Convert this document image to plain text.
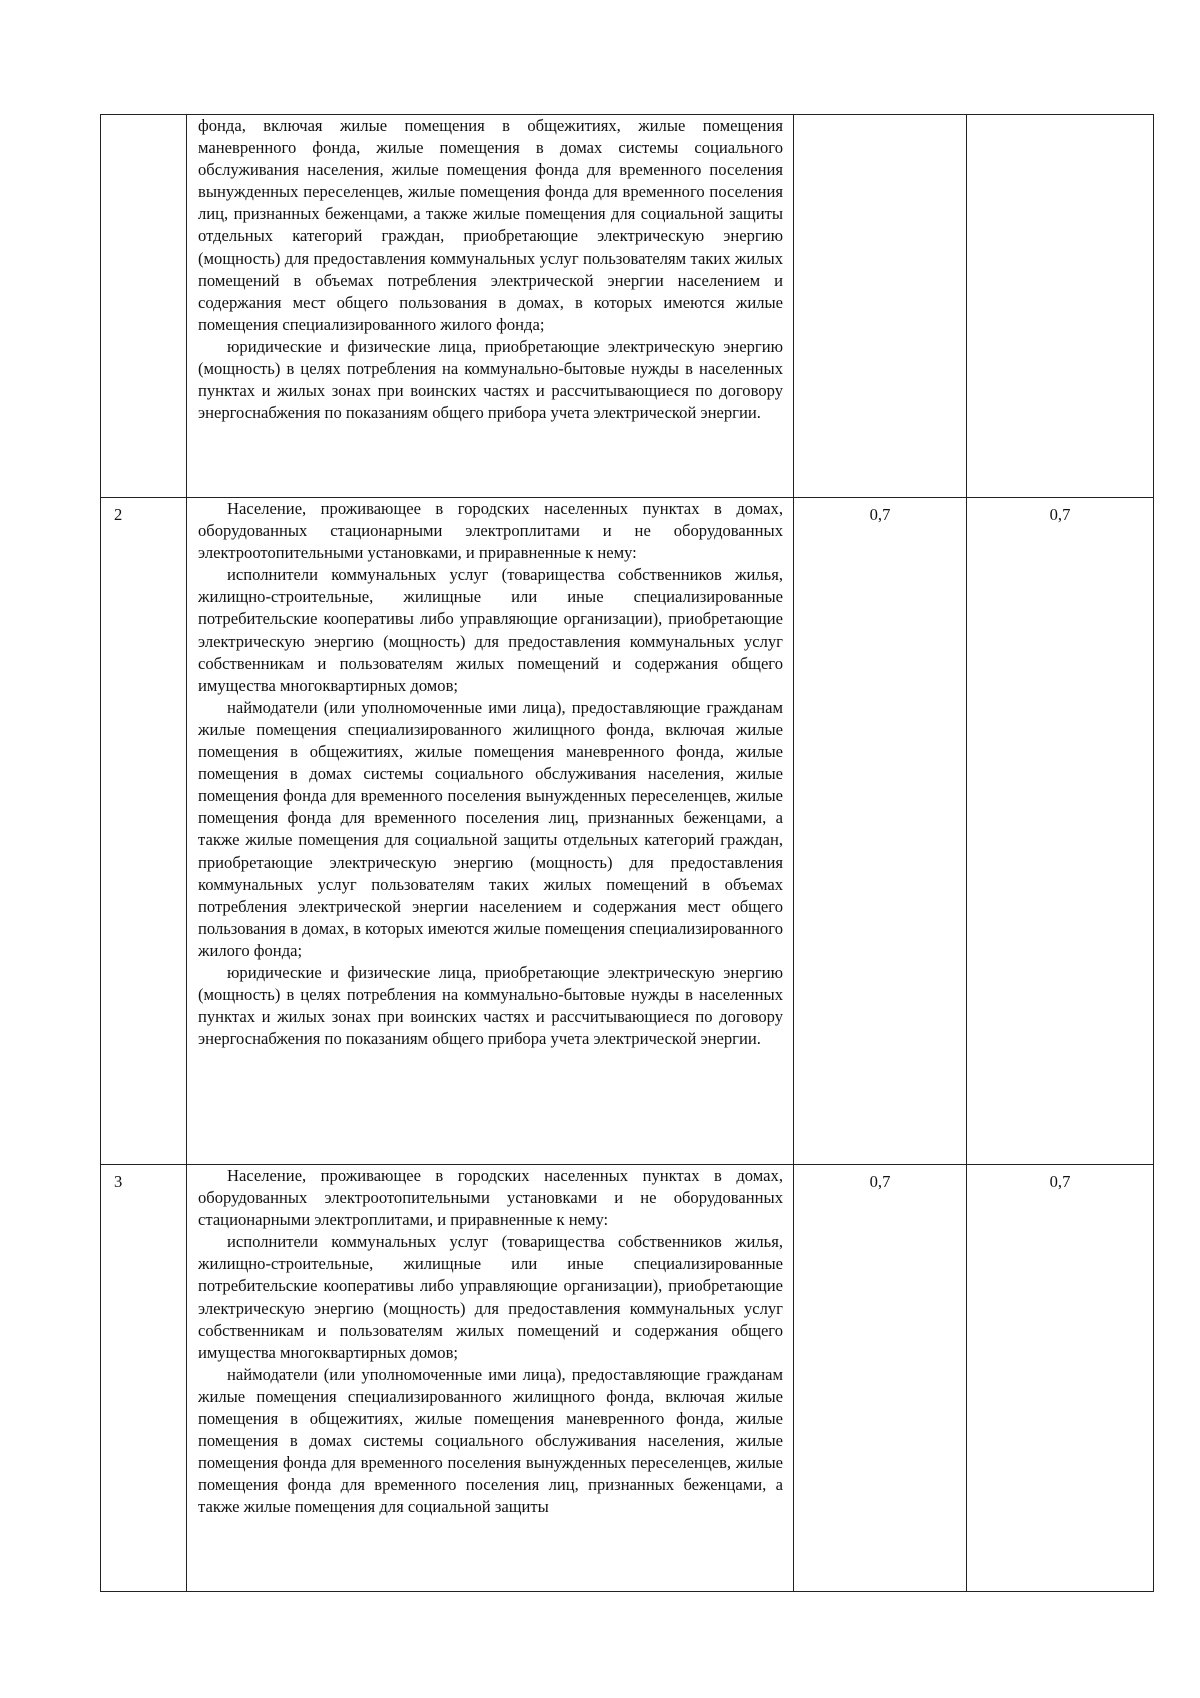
	фонда, включая жилые помещения в общежитиях, жилые помещения маневренного фонда, жилые помещения в домах системы социального обслуживания населения, жилые помещения фонда для временного поселения вынужденных переселенцев, жилые помещения фонда для временного поселения лиц, признанных беженцами, а также жилые помещения для социальной защиты отдельных категорий граждан, приобретающие электрическую энергию (мощность) для предоставления коммунальных услуг пользователям таких жилых помещений в объемах потребления электрической энергии населением и содержания мест общего пользования в домах, в которых имеются жилые помещения специализированного жилого фонда;

юридические и физические лица, приобретающие электрическую энергию (мощность) в целях потребления на коммунально-бытовые нужды в населенных пунктах и жилых зонах при воинских частях и рассчитывающиеся по договору энергоснабжения по показаниям общего прибора учета электрической энергии.		

2	Население, проживающее в городских населенных пунктах в домах, оборудованных стационарными электроплитами и не оборудованных электроотопительными установками, и приравненные к нему:

исполнители коммунальных услуг (товарищества собственников жилья, жилищно-строительные, жилищные или иные специализированные потребительские кооперативы либо управляющие организации), приобретающие электрическую энергию (мощность) для предоставления коммунальных услуг собственникам и пользователям жилых помещений и содержания общего имущества многоквартирных домов;

наймодатели (или уполномоченные ими лица), предоставляющие гражданам жилые помещения специализированного жилищного фонда, включая жилые помещения в общежитиях, жилые помещения маневренного фонда, жилые помещения в домах системы социального обслуживания населения, жилые помещения фонда для временного поселения вынужденных переселенцев, жилые помещения фонда для временного поселения лиц, признанных беженцами, а также жилые помещения для социальной защиты отдельных категорий граждан, приобретающие электрическую энергию (мощность) для предоставления коммунальных услуг пользователям таких жилых помещений в объемах потребления электрической энергии населением и содержания мест общего пользования в домах, в которых имеются жилые помещения специализированного жилого фонда;

юридические и физические лица, приобретающие электрическую энергию (мощность) в целях потребления на коммунально-бытовые нужды в населенных пунктах и жилых зонах при воинских частях и рассчитывающиеся по договору энергоснабжения по показаниям общего прибора учета электрической энергии.	0,7	0,7
3	Население, проживающее в городских населенных пунктах в домах, оборудованных электроотопительными установками и не оборудованных стационарными электроплитами, и приравненные к нему:

исполнители коммунальных услуг (товарищества собственников жилья, жилищно-строительные, жилищные или иные специализированные потребительские кооперативы либо управляющие организации), приобретающие электрическую энергию (мощность) для предоставления коммунальных услуг собственникам и пользователям жилых помещений и содержания общего имущества многоквартирных домов;

наймодатели (или уполномоченные ими лица), предоставляющие гражданам жилые помещения специализированного жилищного фонда, включая жилые помещения в общежитиях, жилые помещения маневренного фонда, жилые помещения в домах системы социального обслуживания населения, жилые помещения фонда для временного поселения вынужденных переселенцев, жилые помещения фонда для временного поселения лиц, признанных беженцами, а также жилые помещения для социальной защиты	0,7	0,7
